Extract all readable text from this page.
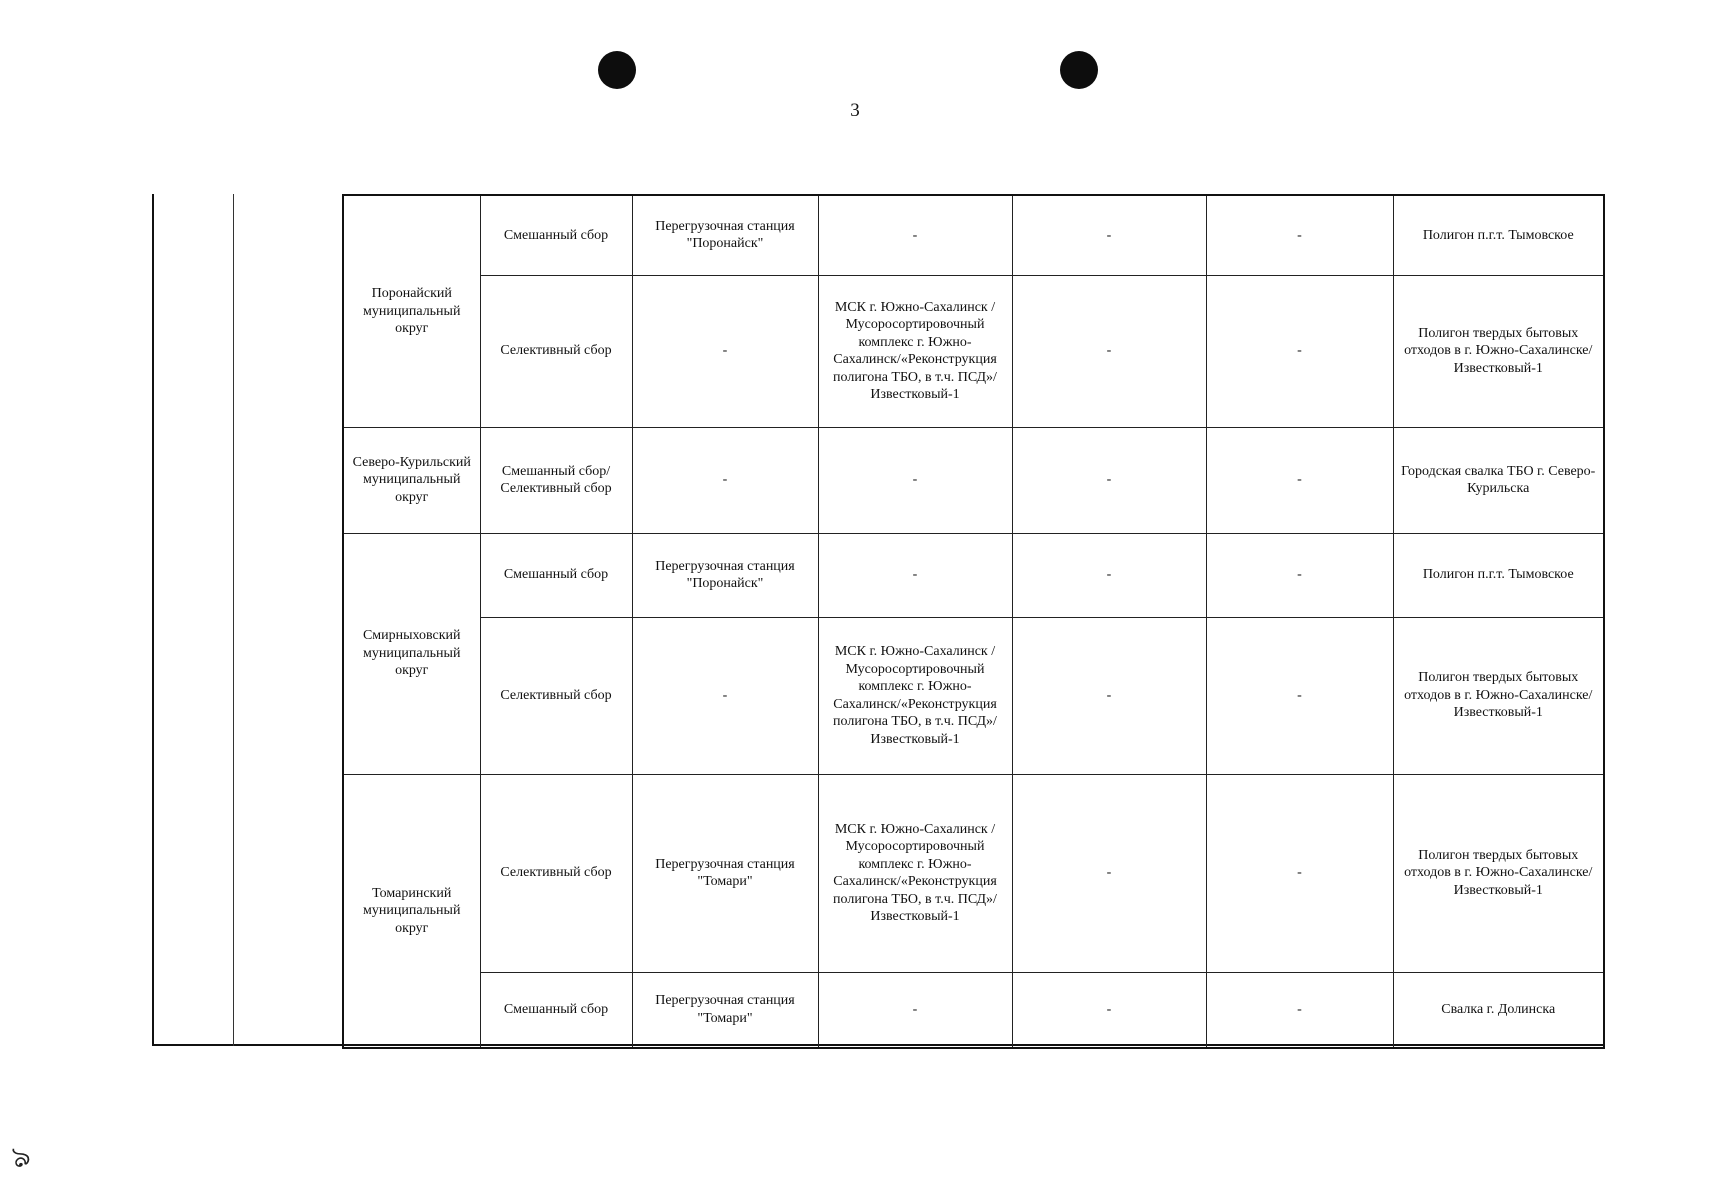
3
ঌ
Поронайский муниципальный округ	Смешанный сбор	Перегрузочная станция "Поронайск"	-	-	-	Полигон п.г.т. Тымовское
	Селективный сбор	-	МСК г. Южно-Сахалинск / Мусоросортировочный комплекс г. Южно-Сахалинск/«Реконструкция полигона ТБО, в т.ч. ПСД»/Известковый-1	-	-	Полигон твердых бытовых отходов в г. Южно-Сахалинске/Известковый-1
Северо-Курильский муниципальный округ	Смешанный сбор/ Селективный сбор	-	-	-	-	Городская свалка ТБО г. Северо-Курильска
Смирныховский муниципальный округ	Смешанный сбор	Перегрузочная станция "Поронайск"	-	-	-	Полигон п.г.т. Тымовское
	Селективный сбор	-	МСК г. Южно-Сахалинск / Мусоросортировочный комплекс г. Южно-Сахалинск/«Реконструкция полигона ТБО, в т.ч. ПСД»/Известковый-1	-	-	Полигон твердых бытовых отходов в г. Южно-Сахалинске/Известковый-1
Томаринский муниципальный округ	Селективный сбор	Перегрузочная станция "Томари"	МСК г. Южно-Сахалинск / Мусоросортировочный комплекс г. Южно-Сахалинск/«Реконструкция полигона ТБО, в т.ч. ПСД»/Известковый-1	-	-	Полигон твердых бытовых отходов в г. Южно-Сахалинске/Известковый-1
	Смешанный сбор	Перегрузочная станция "Томари"	-	-	-	Свалка г. Долинска
